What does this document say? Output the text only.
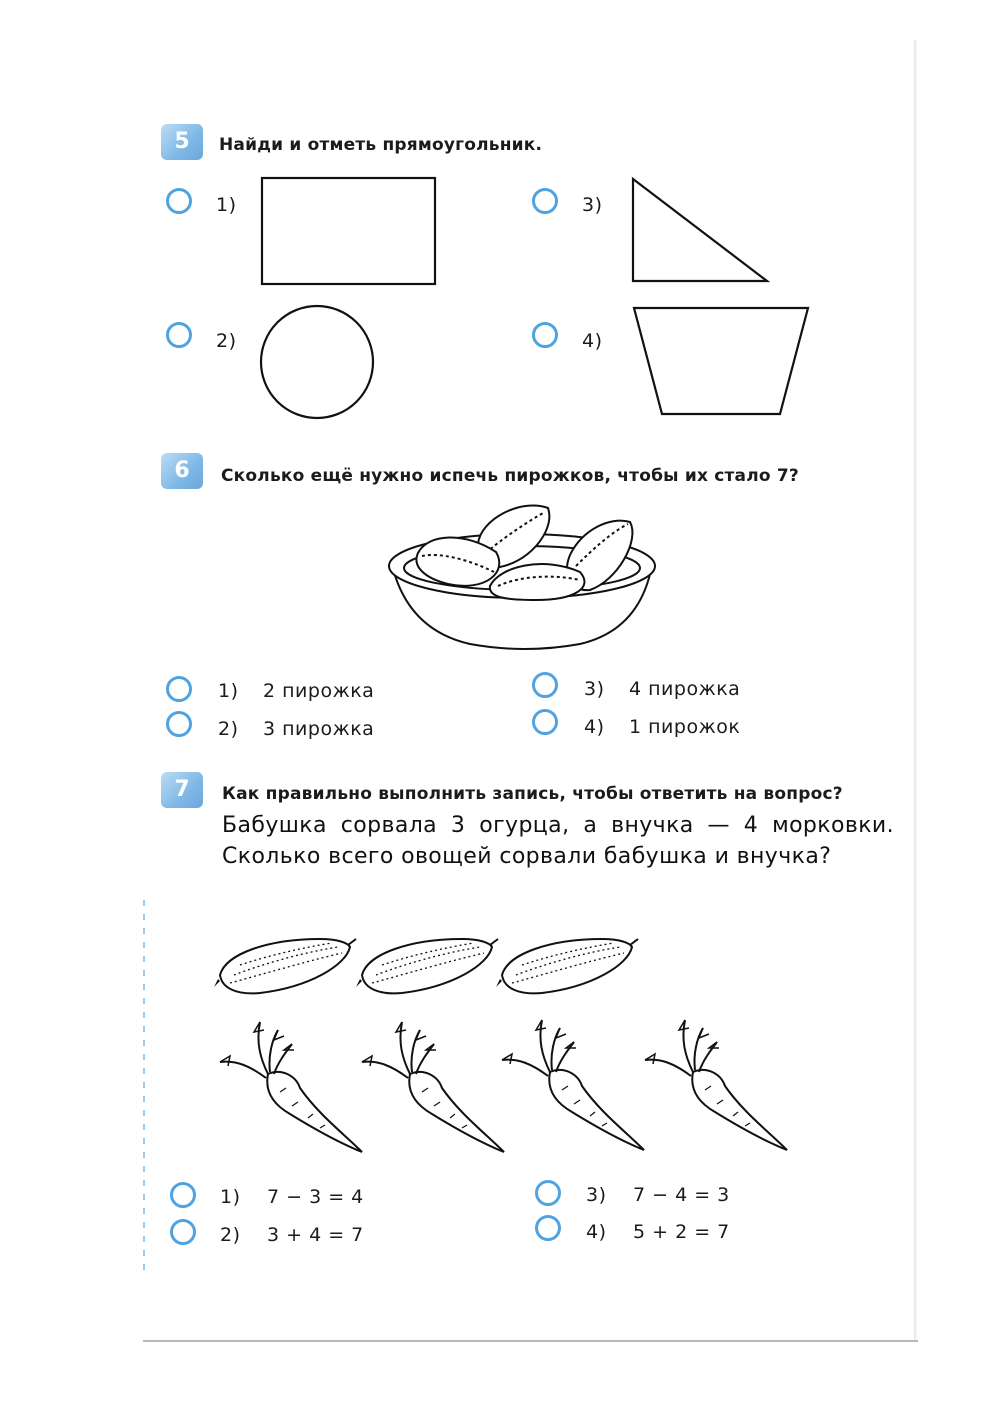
5	Найди и отметь прямоугольник.
1)
2)
3)
4)
6	Сколько ещё нужно испечь пирожков, чтобы их стало 7?
1) 2 пирожка
2) 3 пирожка
3) 4 пирожка
4) 1 пирожок
7	Как правильно выполнить запись, чтобы ответить на вопрос?
Бабушка сорвала 3 огурца, а внучка — 4 морковки. Сколько всего овощей сорвали бабушка и внучка?
1) 7 − 3 = 4
2) 3 + 4 = 7
3) 7 − 4 = 3
4) 5 + 2 = 7
